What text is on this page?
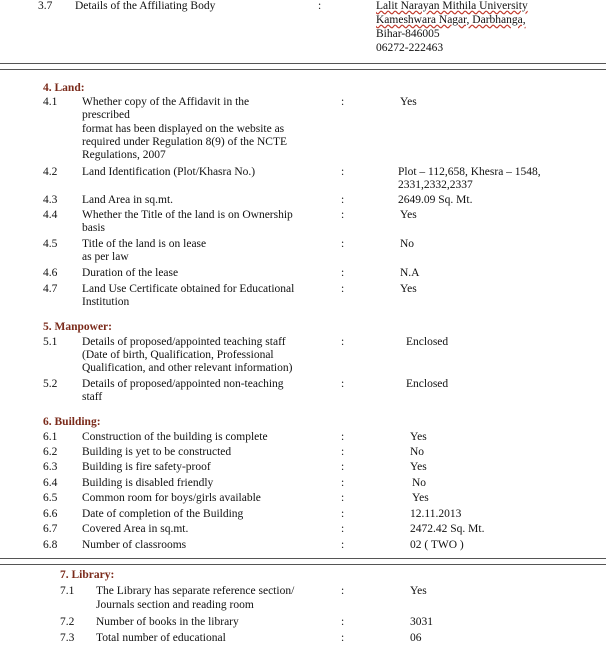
3.7 Details of the Affiliating Body	:	Lalit Narayan Mithila University
Kameshwara Nagar, Darbhanga,
Bihar-846005
06272-222463
4. Land:
4.1 Whether copy of the Affidavit in the
prescribed
format has been displayed on the website as
required under Regulation 8(9) of the NCTE
Regulations, 2007
:	Yes
4.2 Land Identification (Plot/Khasra No.)	:	Plot – 112,658, Khesra – 1548,
2331,2332,2337
4.3 Land Area in sq.mt.	:	2649.09 Sq. Mt.
4.4 Whether the Title of the land is on Ownership
basis
:	Yes
4.5 Title of the land is on lease
as per law
:	No
4.6 Duration of the lease	:	N.A
4.7 Land Use Certificate obtained for Educational
Institution
:	Yes
5. Manpower:
5.1 Details of proposed/appointed teaching staff
(Date of birth, Qualification, Professional
Qualification, and other relevant information)
:	Enclosed
5.2 Details of proposed/appointed non-teaching
staff
:	Enclosed
6. Building:
6.1 Construction of the building is complete	:	Yes
6.2 Building is yet to be constructed	:	No
6.3 Building is fire safety-proof	:	Yes
6.4 Building is disabled friendly	:	No
6.5 Common room for boys/girls available	:	Yes
6.6 Date of completion of the Building	:	12.11.2013
6.7 Covered Area in sq.mt.	:	2472.42 Sq. Mt.
6.8 Number of classrooms	:	02 ( TWO )
7. Library:
7.1 The Library has separate reference section/
Journals section and reading room
:	Yes
7.2 Number of books in the library	:	3031
7.3 Total number of educational	:	06
